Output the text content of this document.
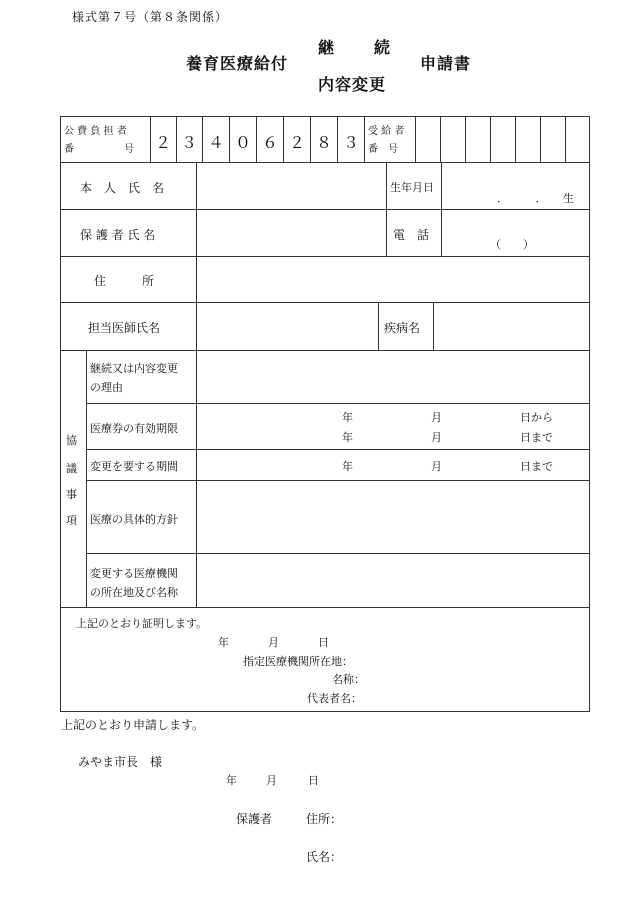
様式第７号（第８条関係）
養育医療給付
継　続
内容変更
申請書
公 費 負 担 者
番　　　　　号	２ ３ ４ ０ ６ ２ ８ ３
受 給 者
番　号
本　人　氏　名	生年月日
．　　　．　　生
保 護 者 氏 名	電　話
（　　）
住　　　所
担当医師氏名	疾病名
協
議
事
項
継続又は内容変更
の理由
医療券の有効期限
年	月	日から
年	月	日まで
変更を要する期間	年	月	日まで
医療の具体的方針
変更する医療機関
の所在地及び名称
上記のとおり証明します。
年	月	日
指定医療機関所在地：
名称：
代表者名：
上記のとおり申請します。
みやま市長　様
年	月	日
保護者	住所：
氏名：
